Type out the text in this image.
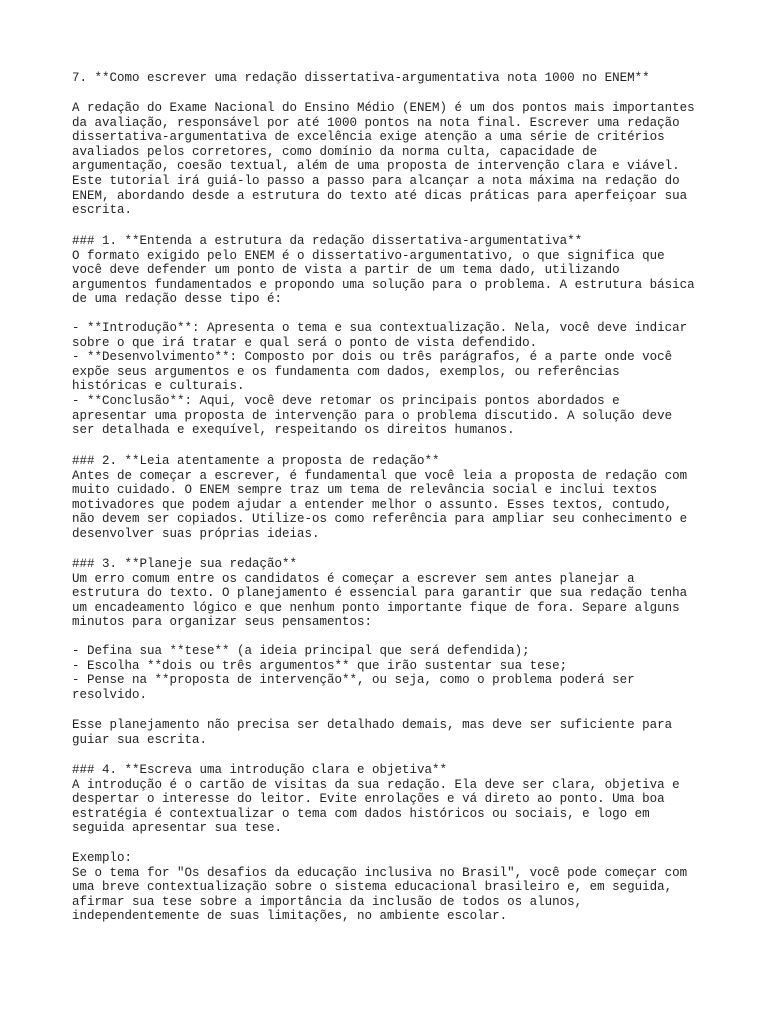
7. **Como escrever uma redação dissertativa-argumentativa nota 1000 no ENEM**

A redação do Exame Nacional do Ensino Médio (ENEM) é um dos pontos mais importantes
da avaliação, responsável por até 1000 pontos na nota final. Escrever uma redação
dissertativa-argumentativa de excelência exige atenção a uma série de critérios
avaliados pelos corretores, como domínio da norma culta, capacidade de
argumentação, coesão textual, além de uma proposta de intervenção clara e viável.
Este tutorial irá guiá-lo passo a passo para alcançar a nota máxima na redação do
ENEM, abordando desde a estrutura do texto até dicas práticas para aperfeiçoar sua
escrita.

### 1. **Entenda a estrutura da redação dissertativa-argumentativa**
O formato exigido pelo ENEM é o dissertativo-argumentativo, o que significa que
você deve defender um ponto de vista a partir de um tema dado, utilizando
argumentos fundamentados e propondo uma solução para o problema. A estrutura básica
de uma redação desse tipo é:

- **Introdução**: Apresenta o tema e sua contextualização. Nela, você deve indicar
sobre o que irá tratar e qual será o ponto de vista defendido.
- **Desenvolvimento**: Composto por dois ou três parágrafos, é a parte onde você
expõe seus argumentos e os fundamenta com dados, exemplos, ou referências
históricas e culturais.
- **Conclusão**: Aqui, você deve retomar os principais pontos abordados e
apresentar uma proposta de intervenção para o problema discutido. A solução deve
ser detalhada e exequível, respeitando os direitos humanos.

### 2. **Leia atentamente a proposta de redação**
Antes de começar a escrever, é fundamental que você leia a proposta de redação com
muito cuidado. O ENEM sempre traz um tema de relevância social e inclui textos
motivadores que podem ajudar a entender melhor o assunto. Esses textos, contudo,
não devem ser copiados. Utilize-os como referência para ampliar seu conhecimento e
desenvolver suas próprias ideias.

### 3. **Planeje sua redação**
Um erro comum entre os candidatos é começar a escrever sem antes planejar a
estrutura do texto. O planejamento é essencial para garantir que sua redação tenha
um encadeamento lógico e que nenhum ponto importante fique de fora. Separe alguns
minutos para organizar seus pensamentos:

- Defina sua **tese** (a ideia principal que será defendida);
- Escolha **dois ou três argumentos** que irão sustentar sua tese;
- Pense na **proposta de intervenção**, ou seja, como o problema poderá ser
resolvido.

Esse planejamento não precisa ser detalhado demais, mas deve ser suficiente para
guiar sua escrita.

### 4. **Escreva uma introdução clara e objetiva**
A introdução é o cartão de visitas da sua redação. Ela deve ser clara, objetiva e
despertar o interesse do leitor. Evite enrolações e vá direto ao ponto. Uma boa
estratégia é contextualizar o tema com dados históricos ou sociais, e logo em
seguida apresentar sua tese.

Exemplo:
Se o tema for "Os desafios da educação inclusiva no Brasil", você pode começar com
uma breve contextualização sobre o sistema educacional brasileiro e, em seguida,
afirmar sua tese sobre a importância da inclusão de todos os alunos,
independentemente de suas limitações, no ambiente escolar.
